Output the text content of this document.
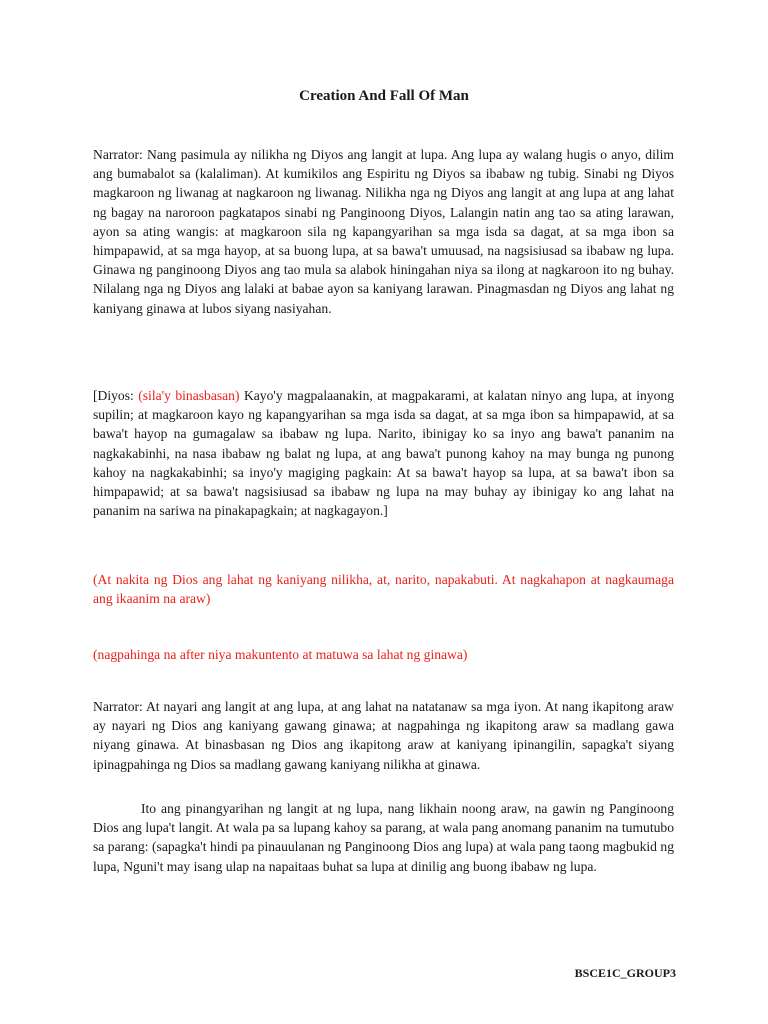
Creation And Fall Of Man

Narrator: Nang pasimula ay nilikha ng Diyos ang langit at lupa. Ang lupa ay walang hugis o anyo, dilim ang bumabalot sa (kalaliman). At kumikilos ang Espiritu ng Diyos sa ibabaw ng tubig. Sinabi ng Diyos magkaroon ng liwanag at nagkaroon ng liwanag. Nilikha nga ng Diyos ang langit at ang lupa at ang lahat ng bagay na naroroon pagkatapos sinabi ng Panginoong Diyos, Lalangin natin ang tao sa ating larawan, ayon sa ating wangis: at magkaroon sila ng kapangyarihan sa mga isda sa dagat, at sa mga ibon sa himpapawid, at sa mga hayop, at sa buong lupa, at sa bawa't umuusad, na nagsisiusad sa ibabaw ng lupa. Ginawa ng panginoong Diyos ang tao mula sa alabok hiningahan niya sa ilong at nagkaroon ito ng buhay. Nilalang nga ng Diyos ang lalaki at babae ayon sa kaniyang larawan. Pinagmasdan ng Diyos ang lahat ng kaniyang ginawa at lubos siyang nasiyahan.

[Diyos: (sila'y binasbasan) Kayo'y magpalaanakin, at magpakarami, at kalatan ninyo ang lupa, at inyong supilin; at magkaroon kayo ng kapangyarihan sa mga isda sa dagat, at sa mga ibon sa himpapawid, at sa bawa't hayop na gumagalaw sa ibabaw ng lupa. Narito, ibinigay ko sa inyo ang bawa't pananim na nagkakabinhi, na nasa ibabaw ng balat ng lupa, at ang bawa't punong kahoy na may bunga ng punong kahoy na nagkakabinhi; sa inyo'y magiging pagkain: At sa bawa't hayop sa lupa, at sa bawa't ibon sa himpapawid; at sa bawa't nagsisiusad sa ibabaw ng lupa na may buhay ay ibinigay ko ang lahat na pananim na sariwa na pinakapagkain; at nagkagayon.]

(At nakita ng Dios ang lahat ng kaniyang nilikha, at, narito, napakabuti. At nagkahapon at nagkaumaga ang ikaanim na araw)

(nagpahinga na after niya makuntento at matuwa sa lahat ng ginawa)

Narrator: At nayari ang langit at ang lupa, at ang lahat na natatanaw sa mga iyon. At nang ikapitong araw ay nayari ng Dios ang kaniyang gawang ginawa; at nagpahinga ng ikapitong araw sa madlang gawa niyang ginawa. At binasbasan ng Dios ang ikapitong araw at kaniyang ipinangilin, sapagka't siyang ipinagpahinga ng Dios sa madlang gawang kaniyang nilikha at ginawa.

Ito ang pinangyarihan ng langit at ng lupa, nang likhain noong araw, na gawin ng Panginoong Dios ang lupa't langit. At wala pa sa lupang kahoy sa parang, at wala pang anomang pananim na tumutubo sa parang: (sapagka't hindi pa pinauulanan ng Panginoong Dios ang lupa) at wala pang taong magbukid ng lupa, Nguni't may isang ulap na napaitaas buhat sa lupa at dinilig ang buong ibabaw ng lupa.

BSCE1C_GROUP3
